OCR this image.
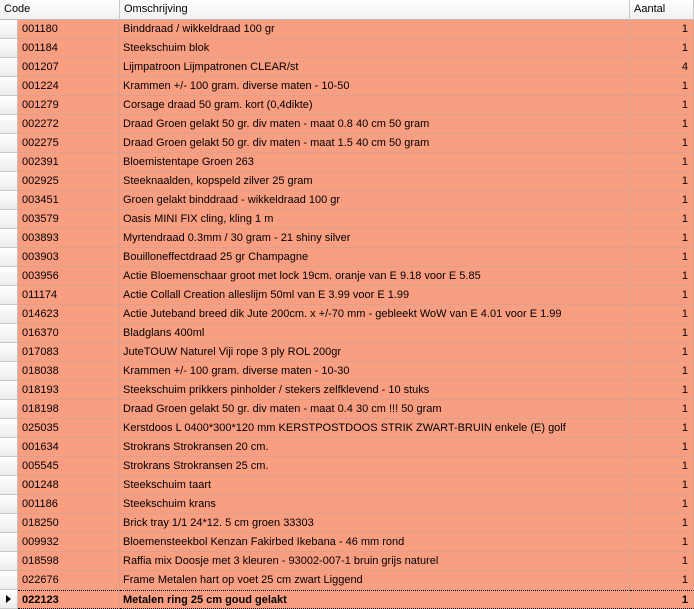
Code	Omschrijving	Aantal
001180	Binddraad / wikkeldraad 100 gr	1
001184	Steekschuim blok	1
001207	Lijmpatroon Lijmpatronen CLEAR/st	4
001224	Krammen +/- 100 gram. diverse maten - 10-50	1
001279	Corsage draad 50 gram. kort (0,4dikte)	1
002272	Draad Groen gelakt 50 gr. div maten - maat 0.8 40 cm 50 gram	1
002275	Draad Groen gelakt 50 gr. div maten - maat 1.5 40 cm 50 gram	1
002391	Bloemistentape Groen 263	1
002925	Steeknaalden, kopspeld zilver 25 gram	1
003451	Groen gelakt binddraad - wikkeldraad 100 gr	1
003579	Oasis MINI FIX cling, kling 1 m	1
003893	Myrtendraad 0.3mm / 30 gram - 21 shiny silver	1
003903	Bouilloneffectdraad 25 gr Champagne	1
003956	Actie Bloemenschaar groot met lock 19cm. oranje van E 9.18 voor E 5.85	1
011174	Actie Collall Creation alleslijm 50ml van E 3.99 voor E 1.99	1
014623	Actie Juteband breed dik Jute 200cm. x +/-70 mm - gebleekt WoW van E 4.01 voor E 1.99	1
016370	Bladglans 400ml	1
017083	JuteTOUW Naturel Viji rope 3 ply ROL 200gr	1
018038	Krammen +/- 100 gram. diverse maten - 10-30	1
018193	Steekschuim prikkers pinholder / stekers zelfklevend - 10 stuks	1
018198	Draad Groen gelakt 50 gr. div maten - maat 0.4 30 cm !!! 50 gram	1
025035	Kerstdoos L 0400*300*120 mm KERSTPOSTDOOS STRIK ZWART-BRUIN enkele (E) golf	1
001634	Strokrans Strokransen 20 cm.	1
005545	Strokrans Strokransen 25 cm.	1
001248	Steekschuim taart	1
001186	Steekschuim krans	1
018250	Brick tray 1/1 24*12. 5 cm groen 33303	1
009932	Bloemensteekbol Kenzan Fakirbed Ikebana - 46 mm rond	1
018598	Raffia mix Doosje met 3 kleuren - 93002-007-1 bruin grijs naturel	1
022676	Frame Metalen hart op voet 25 cm zwart Liggend	1
022123	Metalen ring 25 cm goud gelakt	1
